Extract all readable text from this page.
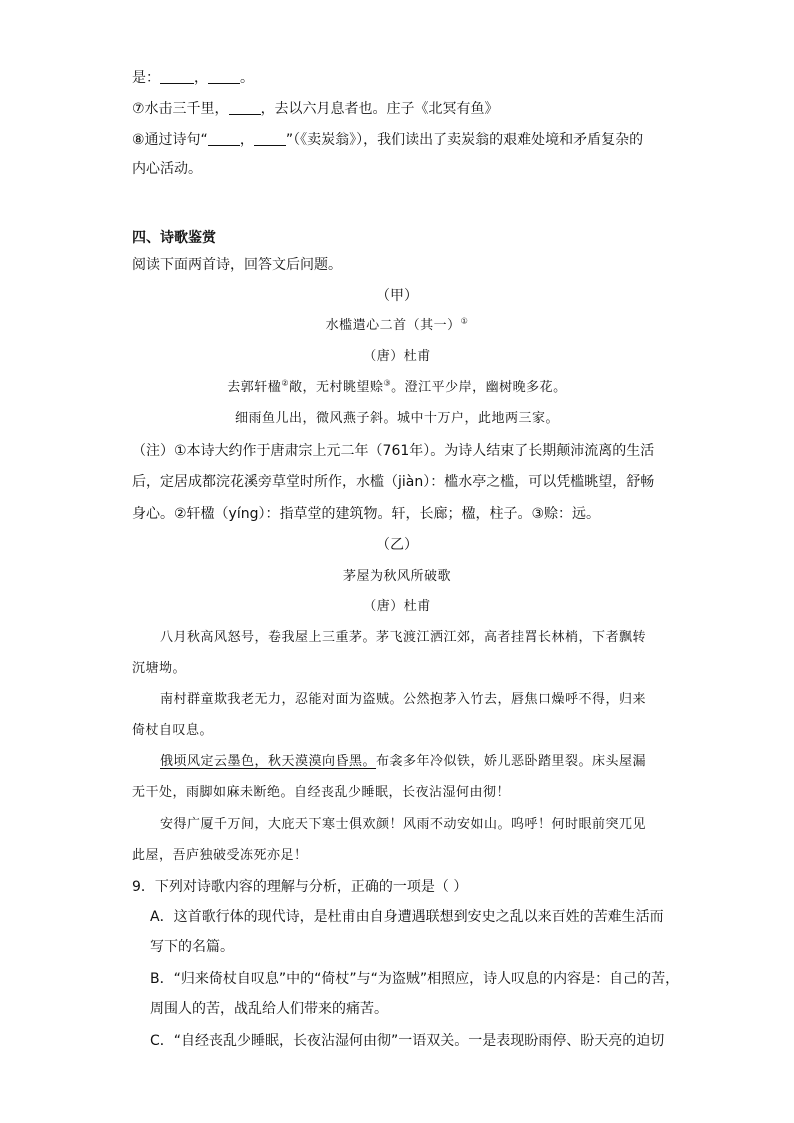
是： ， 。
⑦水击三千里， ，去以六月息者也。庄子《北冥有鱼》
⑧通过诗句“ ， ”（《卖炭翁》），我们读出了卖炭翁的艰难处境和矛盾复杂的
内心活动。
四、诗歌鉴赏
阅读下面两首诗，回答文后问题。
（甲）
水槛遣心二首（其一）①
（唐）杜甫
去郭轩楹②敞，无村眺望赊③。澄江平少岸，幽树晚多花。
细雨鱼儿出，微风燕子斜。城中十万户，此地两三家。
（注）①本诗大约作于唐肃宗上元二年（761年）。为诗人结束了长期颠沛流离的生活
后，定居成都浣花溪旁草堂时所作，水槛（jiàn）：槛水亭之槛，可以凭槛眺望，舒畅
身心。②轩楹（yíng）：指草堂的建筑物。轩，长廊；楹，柱子。③赊：远。
（乙）
茅屋为秋风所破歌
（唐）杜甫
八月秋高风怒号，卷我屋上三重茅。茅飞渡江洒江郊，高者挂罥长林梢，下者飘转
沉塘坳。
南村群童欺我老无力，忍能对面为盗贼。公然抱茅入竹去，唇焦口燥呼不得，归来
倚杖自叹息。
俄顷风定云墨色，秋天漠漠向昏黑。布衾多年冷似铁，娇儿恶卧踏里裂。床头屋漏
无干处，雨脚如麻未断绝。自经丧乱少睡眠，长夜沾湿何由彻！
安得广厦千万间，大庇天下寒士俱欢颜！风雨不动安如山。呜呼！何时眼前突兀见
此屋，吾庐独破受冻死亦足！
9．下列对诗歌内容的理解与分析，正确的一项是（ ）
A．这首歌行体的现代诗，是杜甫由自身遭遇联想到安史之乱以来百姓的苦难生活而
写下的名篇。
B．“归来倚杖自叹息”中的“倚杖”与“为盗贼”相照应，诗人叹息的内容是：自己的苦，
周围人的苦，战乱给人们带来的痛苦。
C．“自经丧乱少睡眠，长夜沾湿何由彻”一语双关。一是表现盼雨停、盼天亮的迫切
